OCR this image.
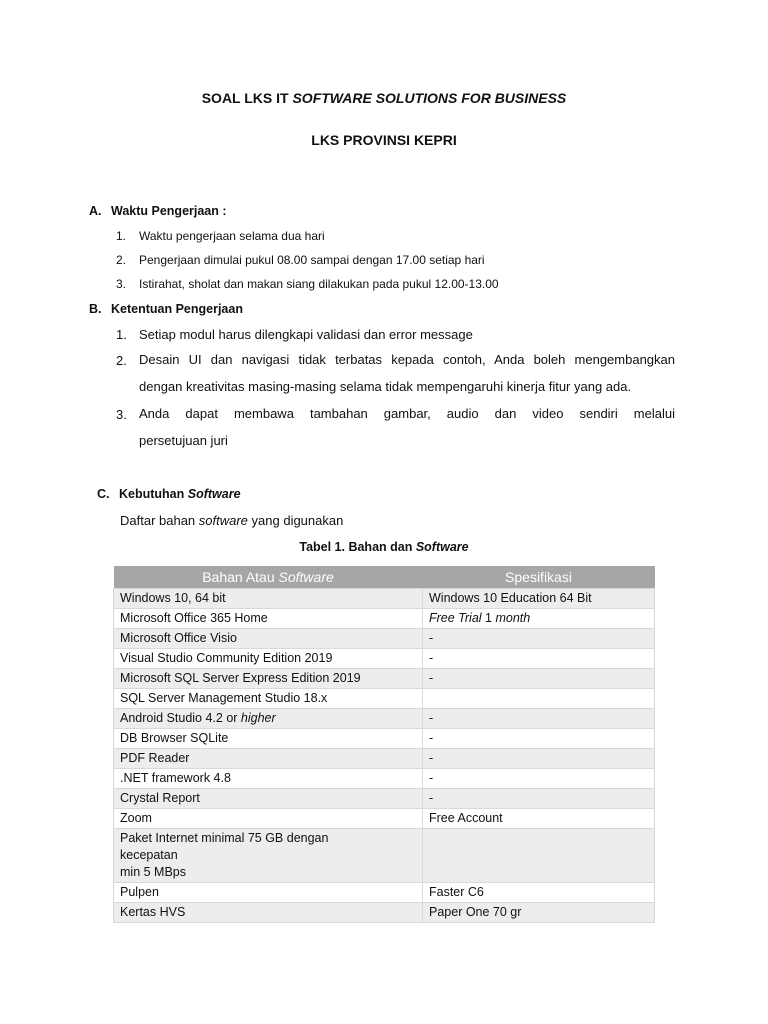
SOAL LKS IT SOFTWARE SOLUTIONS FOR BUSINESS
LKS PROVINSI KEPRI
A. Waktu Pengerjaan :
1. Waktu pengerjaan selama dua hari
2. Pengerjaan dimulai pukul 08.00 sampai dengan 17.00 setiap hari
3. Istirahat, sholat dan makan siang dilakukan pada pukul 12.00-13.00
B. Ketentuan Pengerjaan
1. Setiap modul harus dilengkapi validasi dan error message
2. Desain UI dan navigasi tidak terbatas kepada contoh, Anda boleh mengembangkan
dengan kreativitas masing-masing selama tidak mempengaruhi kinerja fitur yang ada.
3. Anda dapat membawa tambahan gambar, audio dan video sendiri melalui
persetujuan juri
C. Kebutuhan Software
Daftar bahan software yang digunakan
Tabel 1. Bahan dan Software
Bahan Atau Software	Spesifikasi
Windows 10, 64 bit	Windows 10 Education 64 Bit
Microsoft Office 365 Home	Free Trial 1 month
Microsoft Office Visio	-
Visual Studio Community Edition 2019	-
Microsoft SQL Server Express Edition 2019	-
SQL Server Management Studio 18.x	
Android Studio 4.2 or higher	-
DB Browser SQLite	-
PDF Reader	-
.NET framework 4.8	-
Crystal Report	-
Zoom	Free Account

Paket Internet minimal 75 GB dengan
kecepatan
min 5 MBps	

Pulpen	Faster C6
Kertas HVS	Paper One 70 gr
